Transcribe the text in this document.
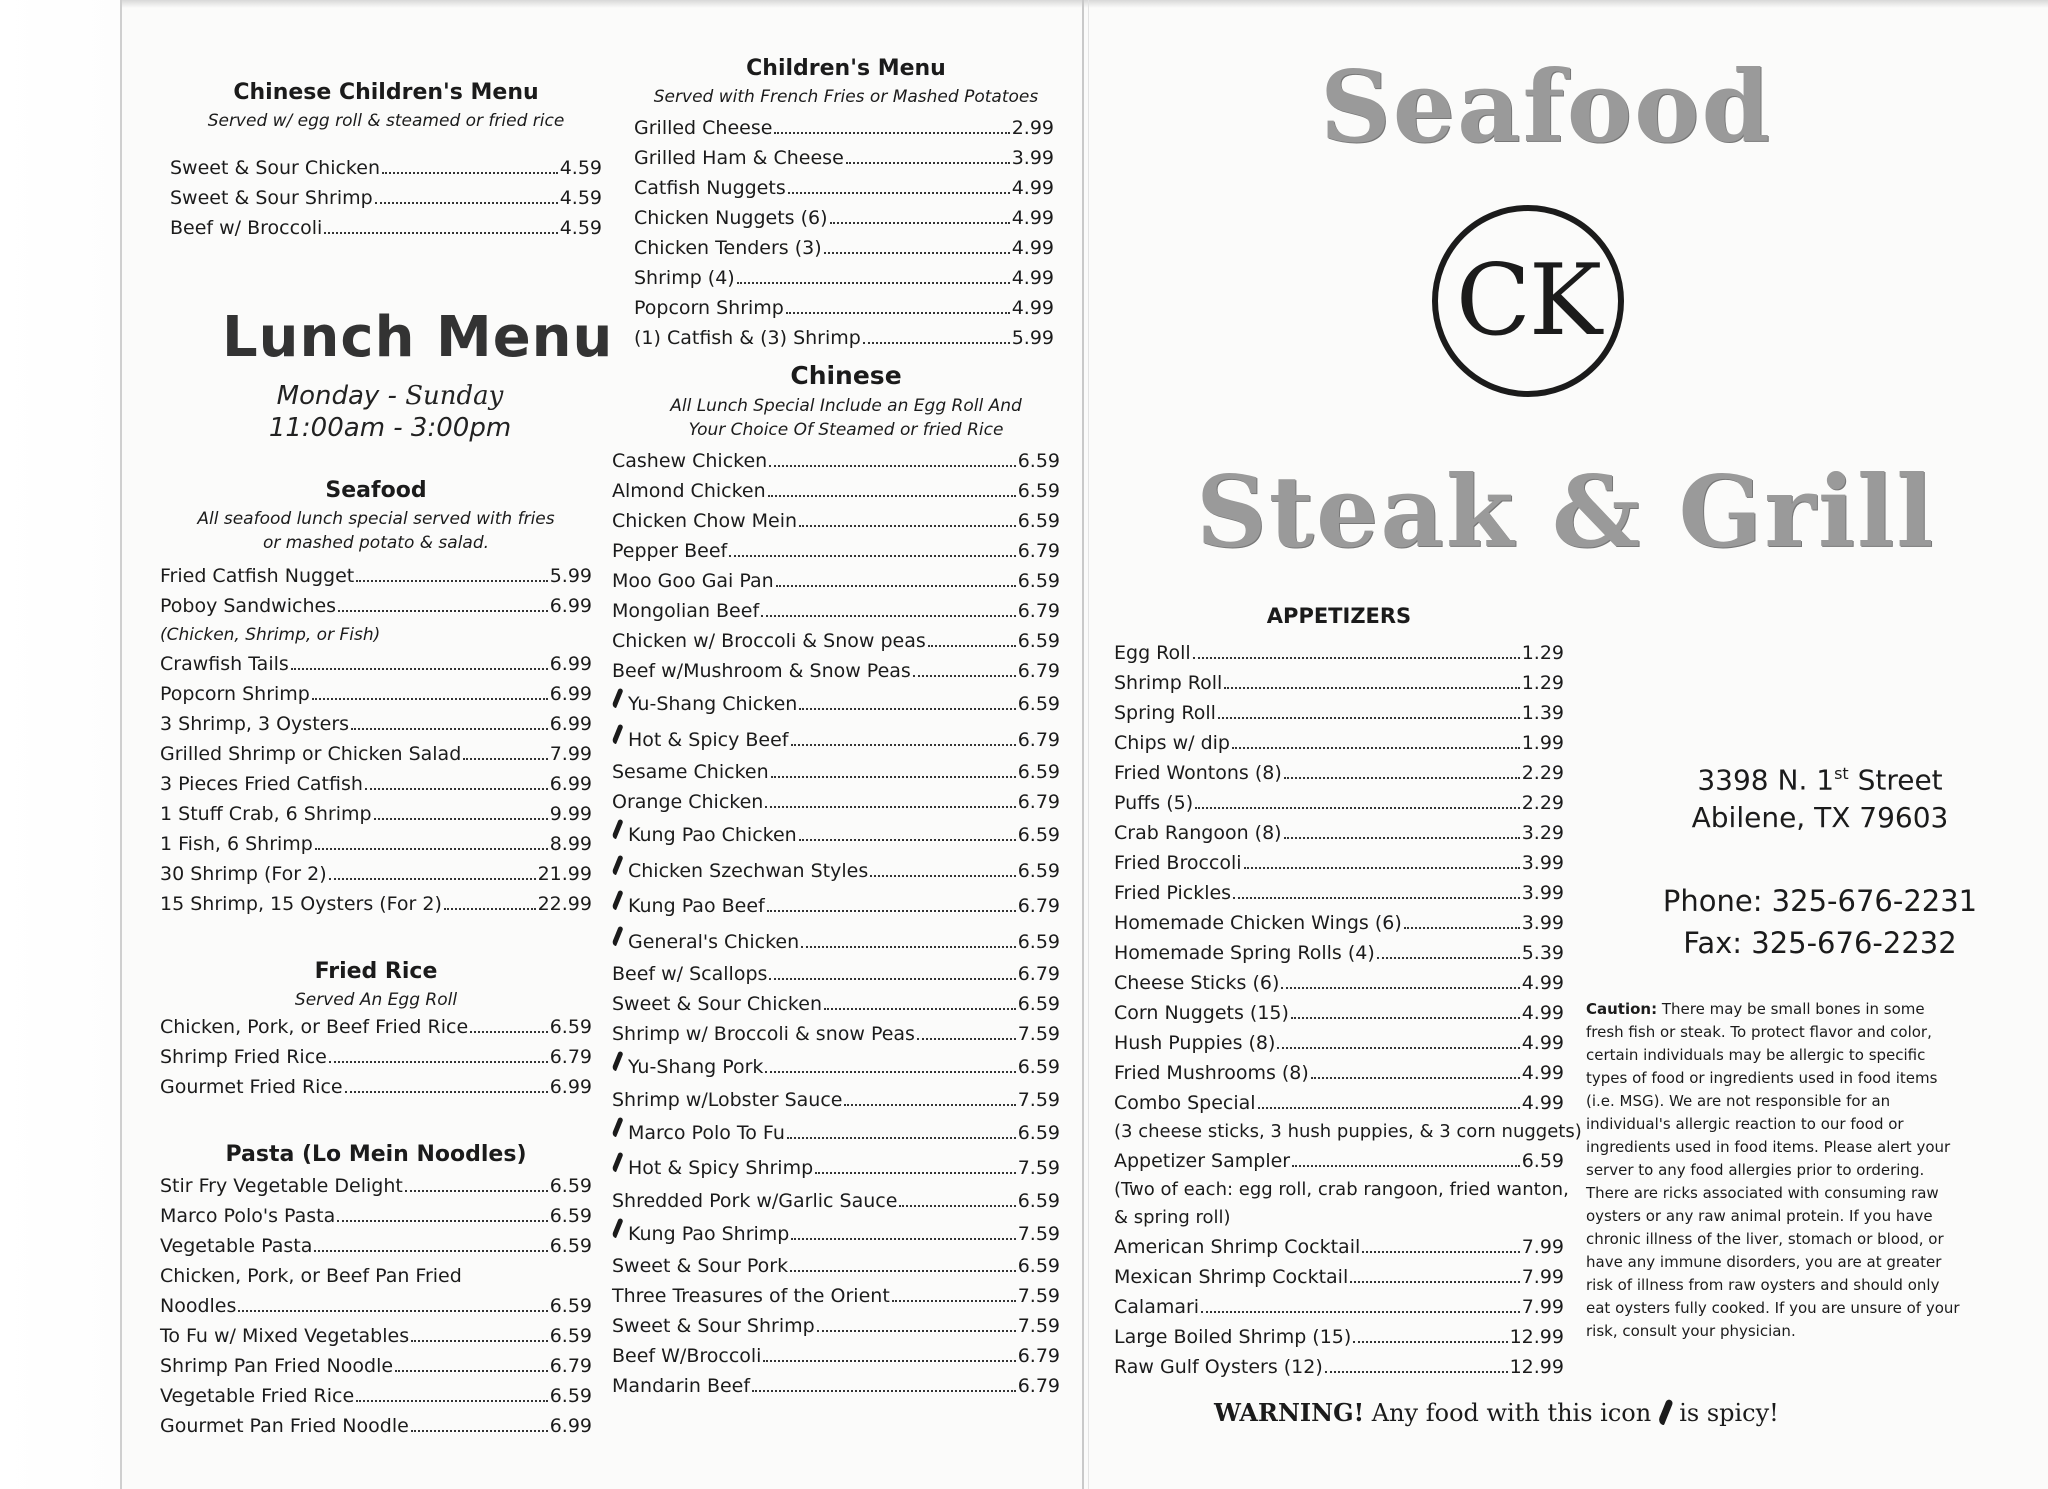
Chinese Children's Menu
Served w/ egg roll & steamed or fried rice
Sweet & Sour Chicken	4.59
Sweet & Sour Shrimp	4.59
Beef w/ Broccoli	4.59
Lunch Menu
Monday - Sunday
11:00am - 3:00pm
Seafood
All seafood lunch special served with fries
or mashed potato & salad.
Fried Catfish Nugget	5.99
Poboy Sandwiches	6.99
(Chicken, Shrimp, or Fish)
Crawfish Tails	6.99
Popcorn Shrimp	6.99
3 Shrimp, 3 Oysters	6.99
Grilled Shrimp or Chicken Salad	7.99
3 Pieces Fried Catfish	6.99
1 Stuff Crab, 6 Shrimp	9.99
1 Fish, 6 Shrimp	8.99
30 Shrimp (For 2)	21.99
15 Shrimp, 15 Oysters (For 2)	22.99
Fried Rice
Served An Egg Roll
Chicken, Pork, or Beef Fried Rice	6.59
Shrimp Fried Rice	6.79
Gourmet Fried Rice	6.99
Pasta (Lo Mein Noodles)
Stir Fry Vegetable Delight	6.59
Marco Polo's Pasta	6.59
Vegetable Pasta	6.59
Chicken, Pork, or Beef Pan Fried
Noodles	6.59
To Fu w/ Mixed Vegetables	6.59
Shrimp Pan Fried Noodle	6.79
Vegetable Fried Rice	6.59
Gourmet Pan Fried Noodle	6.99
Children's Menu
Served with French Fries or Mashed Potatoes
Grilled Cheese	2.99
Grilled Ham & Cheese	3.99
Catfish Nuggets	4.99
Chicken Nuggets (6)	4.99
Chicken Tenders (3)	4.99
Shrimp (4)	4.99
Popcorn Shrimp	4.99
(1) Catfish & (3) Shrimp	5.99
Chinese
All Lunch Special Include an Egg Roll And
Your Choice Of Steamed or fried Rice
Cashew Chicken	6.59
Almond Chicken	6.59
Chicken Chow Mein	6.59
Pepper Beef	6.79
Moo Goo Gai Pan	6.59
Mongolian Beef	6.79
Chicken w/ Broccoli & Snow peas	6.59
Beef w/Mushroom & Snow Peas	6.79
Yu-Shang Chicken	6.59
Hot & Spicy Beef	6.79
Sesame Chicken	6.59
Orange Chicken	6.79
Kung Pao Chicken	6.59
Chicken Szechwan Styles	6.59
Kung Pao Beef	6.79
General's Chicken	6.59
Beef w/ Scallops	6.79
Sweet & Sour Chicken	6.59
Shrimp w/ Broccoli & snow Peas	7.59
Yu-Shang Pork	6.59
Shrimp w/Lobster Sauce	7.59
Marco Polo To Fu	6.59
Hot & Spicy Shrimp	7.59
Shredded Pork w/Garlic Sauce	6.59
Kung Pao Shrimp	7.59
Sweet & Sour Pork	6.59
Three Treasures of the Orient	7.59
Sweet & Sour Shrimp	7.59
Beef W/Broccoli	6.79
Mandarin Beef	6.79

Seafood
CK
Steak & Grill
APPETIZERS
Egg Roll	1.29
Shrimp Roll	1.29
Spring Roll	1.39
Chips w/ dip	1.99
Fried Wontons (8)	2.29
Puffs (5)	2.29
Crab Rangoon (8)	3.29
Fried Broccoli	3.99
Fried Pickles	3.99
Homemade Chicken Wings (6)	3.99
Homemade Spring Rolls (4)	5.39
Cheese Sticks (6)	4.99
Corn Nuggets (15)	4.99
Hush Puppies (8)	4.99
Fried Mushrooms (8)	4.99
Combo Special	4.99
(3 cheese sticks, 3 hush puppies, & 3 corn nuggets)
Appetizer Sampler	6.59
(Two of each: egg roll, crab rangoon, fried wanton,
& spring roll)
American Shrimp Cocktail	7.99
Mexican Shrimp Cocktail	7.99
Calamari	7.99
Large Boiled Shrimp (15)	12.99
Raw Gulf Oysters (12)	12.99
3398 N. 1st Street
Abilene, TX 79603
Phone: 325-676-2231
Fax: 325-676-2232
Caution: There may be small bones in some fresh fish or steak. To protect flavor and color, certain individuals may be allergic to specific types of food or ingredients used in food items (i.e. MSG). We are not responsible for an individual's allergic reaction to our food or ingredients used in food items. Please alert your server to any food allergies prior to ordering. There are ricks associated with consuming raw oysters or any raw animal protein. If you have chronic illness of the liver, stomach or blood, or have any immune disorders, you are at greater risk of illness from raw oysters and should only eat oysters fully cooked. If you are unsure of your risk, consult your physician.
WARNING! Any food with this icon is spicy!
